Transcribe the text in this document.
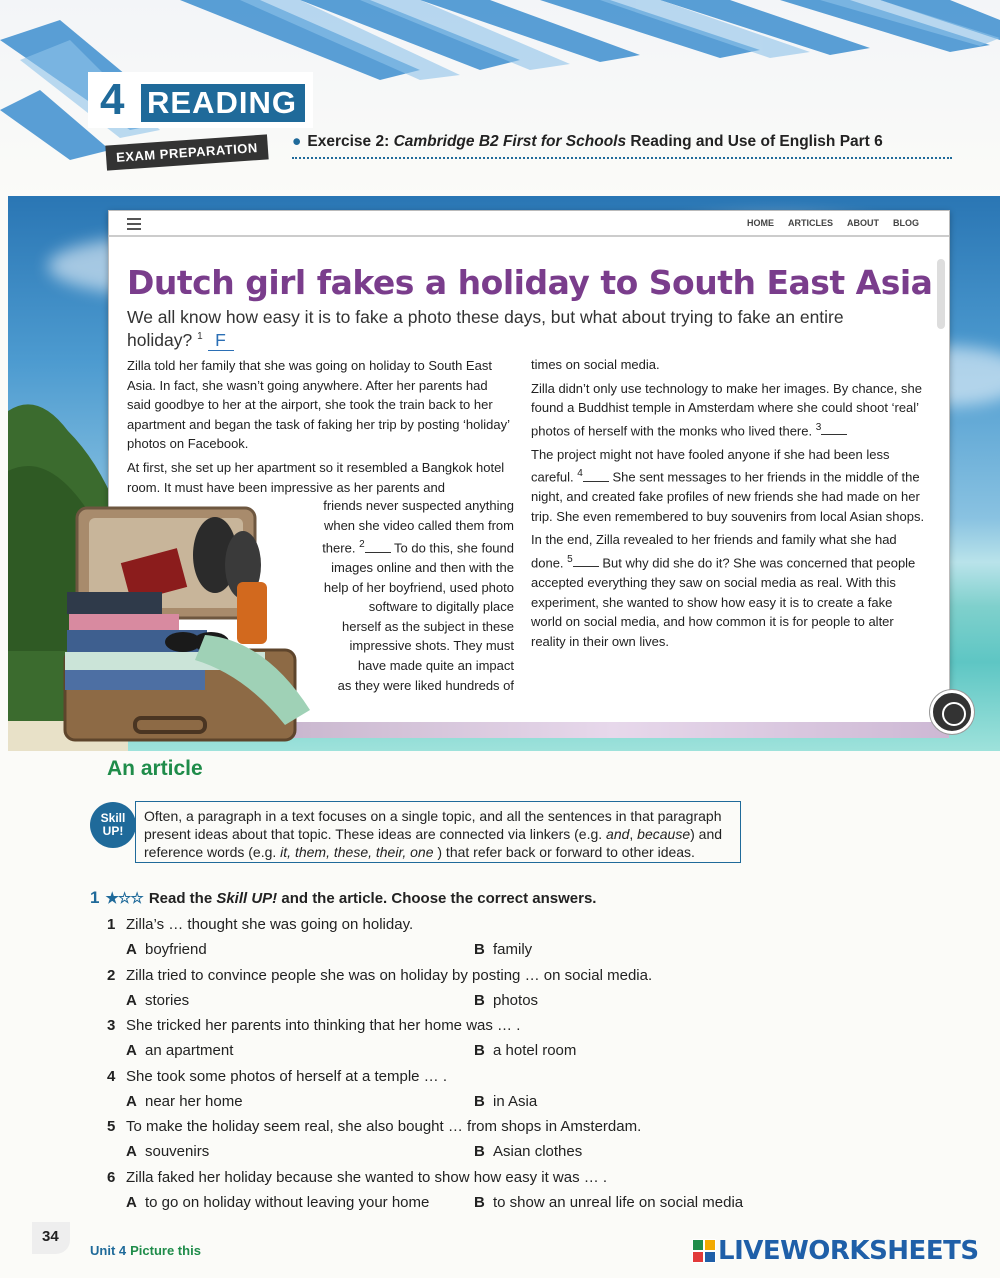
4 READING
EXAM PREPARATION	● Exercise 2: Cambridge B2 First for Schools Reading and Use of English Part 6
HOME ARTICLES ABOUT BLOG
Dutch girl fakes a holiday to South East Asia
We all know how easy it is to fake a photo these days, but what about trying to fake an entire holiday? $^1$ F

Zilla told her family that she was going on holiday to South East Asia. In fact, she wasn’t going anywhere. After her parents had said goodbye to her at the airport, she took the train back to her apartment and began the task of faking her trip by posting ‘holiday’ photos on Facebook.

At first, she set up her apartment so it resembled a Bangkok hotel room. It must have been impressive as her parents and

friends never suspected anything
when she video called them from
there. $^2$ To do this, she found
images online and then with the
help of her boyfriend, used photo
software to digitally place
herself as the subject in these
impressive shots. They must
have made quite an impact
as they were liked hundreds of

times on social media.

Zilla didn’t only use technology to make her images. By chance, she found a Buddhist temple in Amsterdam where she could shoot ‘real’ photos of herself with the monks who lived there. $^3$

The project might not have fooled anyone if she had been less careful. $^4$ She sent messages to her friends in the middle of the night, and created fake profiles of new friends she had made on her trip. She even remembered to buy souvenirs from local Asian shops.

In the end, Zilla revealed to her friends and family what she had done. $^5$ But why did she do it? She was concerned that people accepted everything they saw on social media as real. With this experiment, she wanted to show how easy it is to create a fake world on social media, and how common it is for people to alter reality in their own lives.

An article
Skill
UP!
Often, a paragraph in a text focuses on a single topic, and all the sentences in that paragraph present ideas about that topic. These ideas are connected via linkers (e.g. and, because) and reference words (e.g. it, them, these, their, one ) that refer back or forward to other ideas.
1 ★☆☆ Read the Skill UP! and the article. Choose the correct answers.
1 Zilla’s … thought she was going on holiday.
A boyfriend	B family
2 Zilla tried to convince people she was on holiday by posting … on social media.
A stories	B photos
3 She tricked her parents into thinking that her home was … .
A an apartment	B a hotel room
4 She took some photos of herself at a temple … .
A near her home	B in Asia
5 To make the holiday seem real, she also bought … from shops in Amsterdam.
A souvenirs	B Asian clothes
6 Zilla faked her holiday because she wanted to show how easy it was … .
A to go on holiday without leaving your home	B to show an unreal life on social media
34
Unit 4 Picture this	LIVEWORKSHEETS
